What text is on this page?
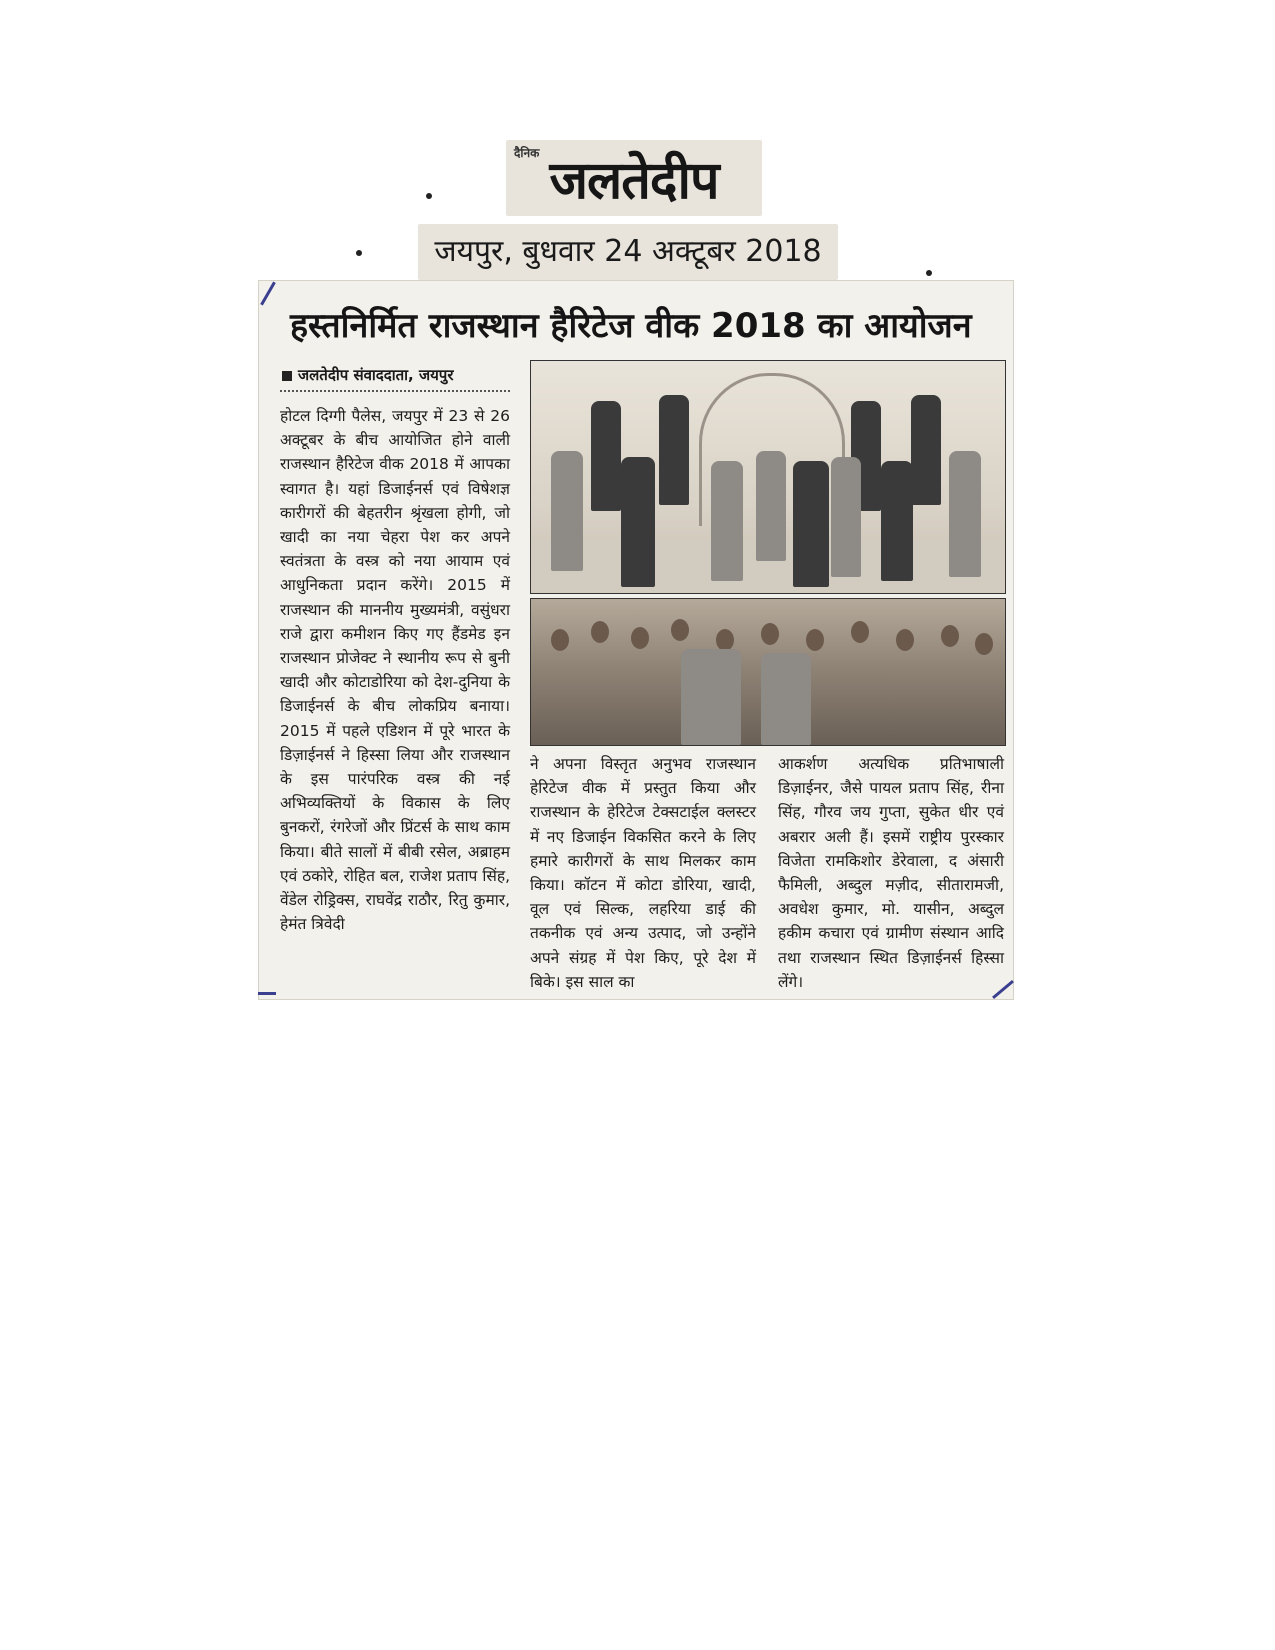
दैनिक जलतेदीप
जयपुर, बुधवार 24 अक्टूबर 2018
हस्तनिर्मित राजस्थान हैरिटेज वीक 2018 का आयोजन
जलतेदीप संवाददाता, जयपुर

होटल दिग्गी पैलेस, जयपुर में 23 से 26 अक्टूबर के बीच आयोजित होने वाली राजस्थान हैरिटेज वीक 2018 में आपका स्वागत है। यहां डिजाईनर्स एवं विषेशज्ञ कारीगरों की बेहतरीन श्रृंखला होगी, जो खादी का नया चेहरा पेश कर अपने स्वतंत्रता के वस्त्र को नया आयाम एवं आधुनिकता प्रदान करेंगे। 2015 में राजस्थान की माननीय मुख्यमंत्री, वसुंधरा राजे द्वारा कमीशन किए गए हैंडमेड इन राजस्थान प्रोजेक्ट ने स्थानीय रूप से बुनी खादी और कोटाडोरिया को देश-दुनिया के डिजाईनर्स के बीच लोकप्रिय बनाया। 2015 में पहले एडिशन में पूरे भारत के डिज़ाईनर्स ने हिस्सा लिया और राजस्थान के इस पारंपरिक वस्त्र की नई अभिव्यक्तियों के विकास के लिए बुनकरों, रंगरेजों और प्रिंटर्स के साथ काम किया। बीते सालों में बीबी रसेल, अब्राहम एवं ठकोरे, रोहित बल, राजेश प्रताप सिंह, वेंडेल रोड्रिक्स, राघवेंद्र राठौर, रितु कुमार, हेमंत त्रिवेदी

ने अपना विस्तृत अनुभव राजस्थान हेरिटेज वीक में प्रस्तुत किया और राजस्थान के हेरिटेज टेक्सटाईल क्लस्टर में नए डिजाईन विकसित करने के लिए हमारे कारीगरों के साथ मिलकर काम किया। कॉटन में कोटा डोरिया, खादी, वूल एवं सिल्क, लहरिया डाई की तकनीक एवं अन्य उत्पाद, जो उन्होंने अपने संग्रह में पेश किए, पूरे देश में बिके। इस साल का

आकर्शण अत्यधिक प्रतिभाषाली डिज़ाईनर, जैसे पायल प्रताप सिंह, रीना सिंह, गौरव जय गुप्ता, सुकेत धीर एवं अबरार अली हैं। इसमें राष्ट्रीय पुरस्कार विजेता रामकिशोर डेरेवाला, द अंसारी फैमिली, अब्दुल मज़ीद, सीतारामजी, अवधेश कुमार, मो. यासीन, अब्दुल हकीम कचारा एवं ग्रामीण संस्थान आदि तथा राजस्थान स्थित डिज़ाईनर्स हिस्सा लेंगे।
